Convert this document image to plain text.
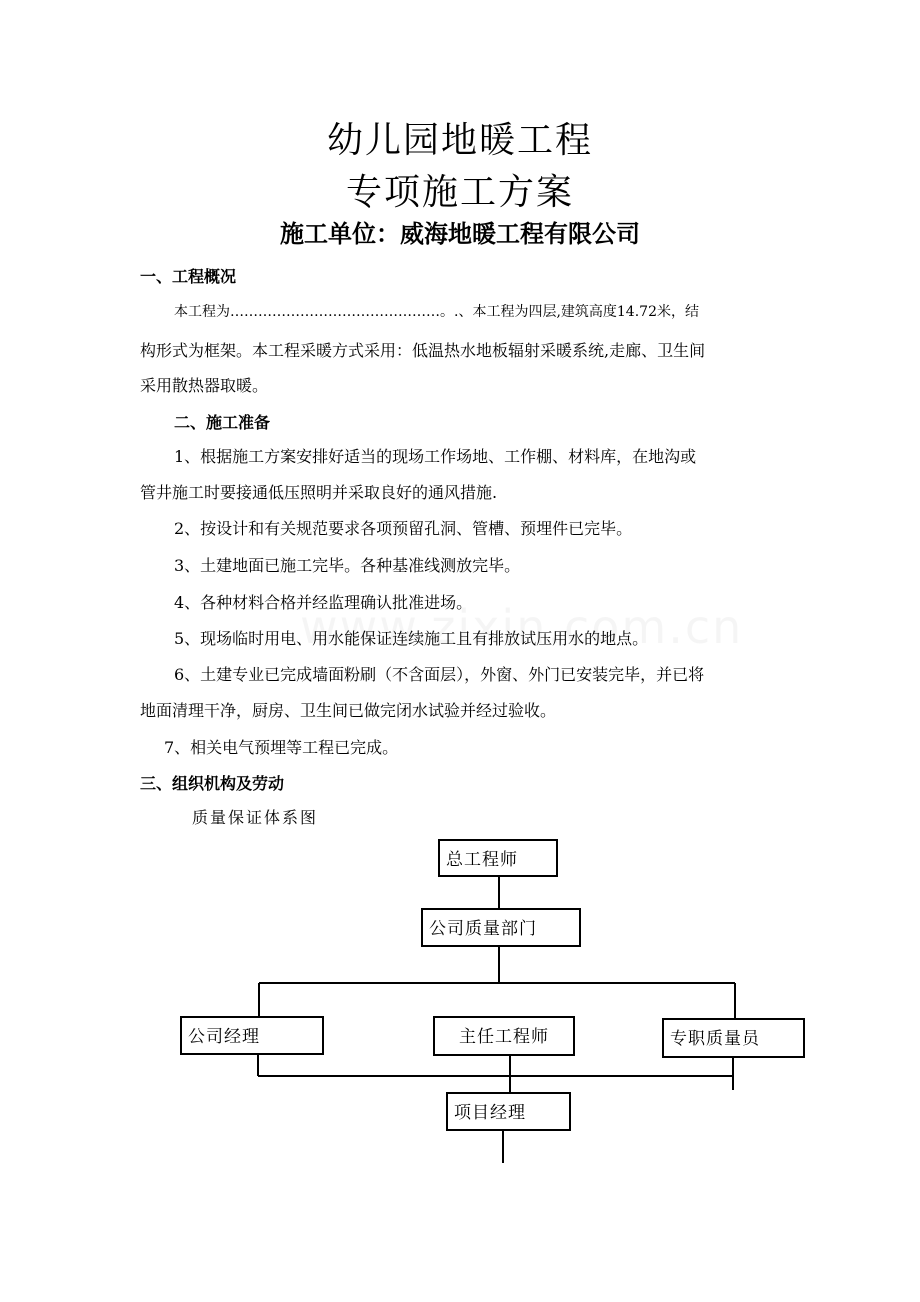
幼儿园地暖工程
专项施工方案
施工单位：威海地暖工程有限公司
一、工程概况
本工程为………………………………………。.、本工程为四层,建筑高度14.72米，结
构形式为框架。本工程采暖方式采用：低温热水地板辐射采暖系统,走廊、卫生间
采用散热器取暖。
二、施工准备
1、根据施工方案安排好适当的现场工作场地、工作棚、材料库，在地沟或
管井施工时要接通低压照明并采取良好的通风措施.
2、按设计和有关规范要求各项预留孔洞、管槽、预埋件已完毕。
3、土建地面已施工完毕。各种基准线测放完毕。
4、各种材料合格并经监理确认批准进场。
5、现场临时用电、用水能保证连续施工且有排放试压用水的地点。
6、土建专业已完成墙面粉刷（不含面层），外窗、外门已安装完毕，并已将
地面清理干净，厨房、卫生间已做完闭水试验并经过验收。
7、相关电气预埋等工程已完成。
三、组织机构及劳动
质量保证体系图
总工程师
公司质量部门
公司经理	主任工程师	专职质量员
项目经理
